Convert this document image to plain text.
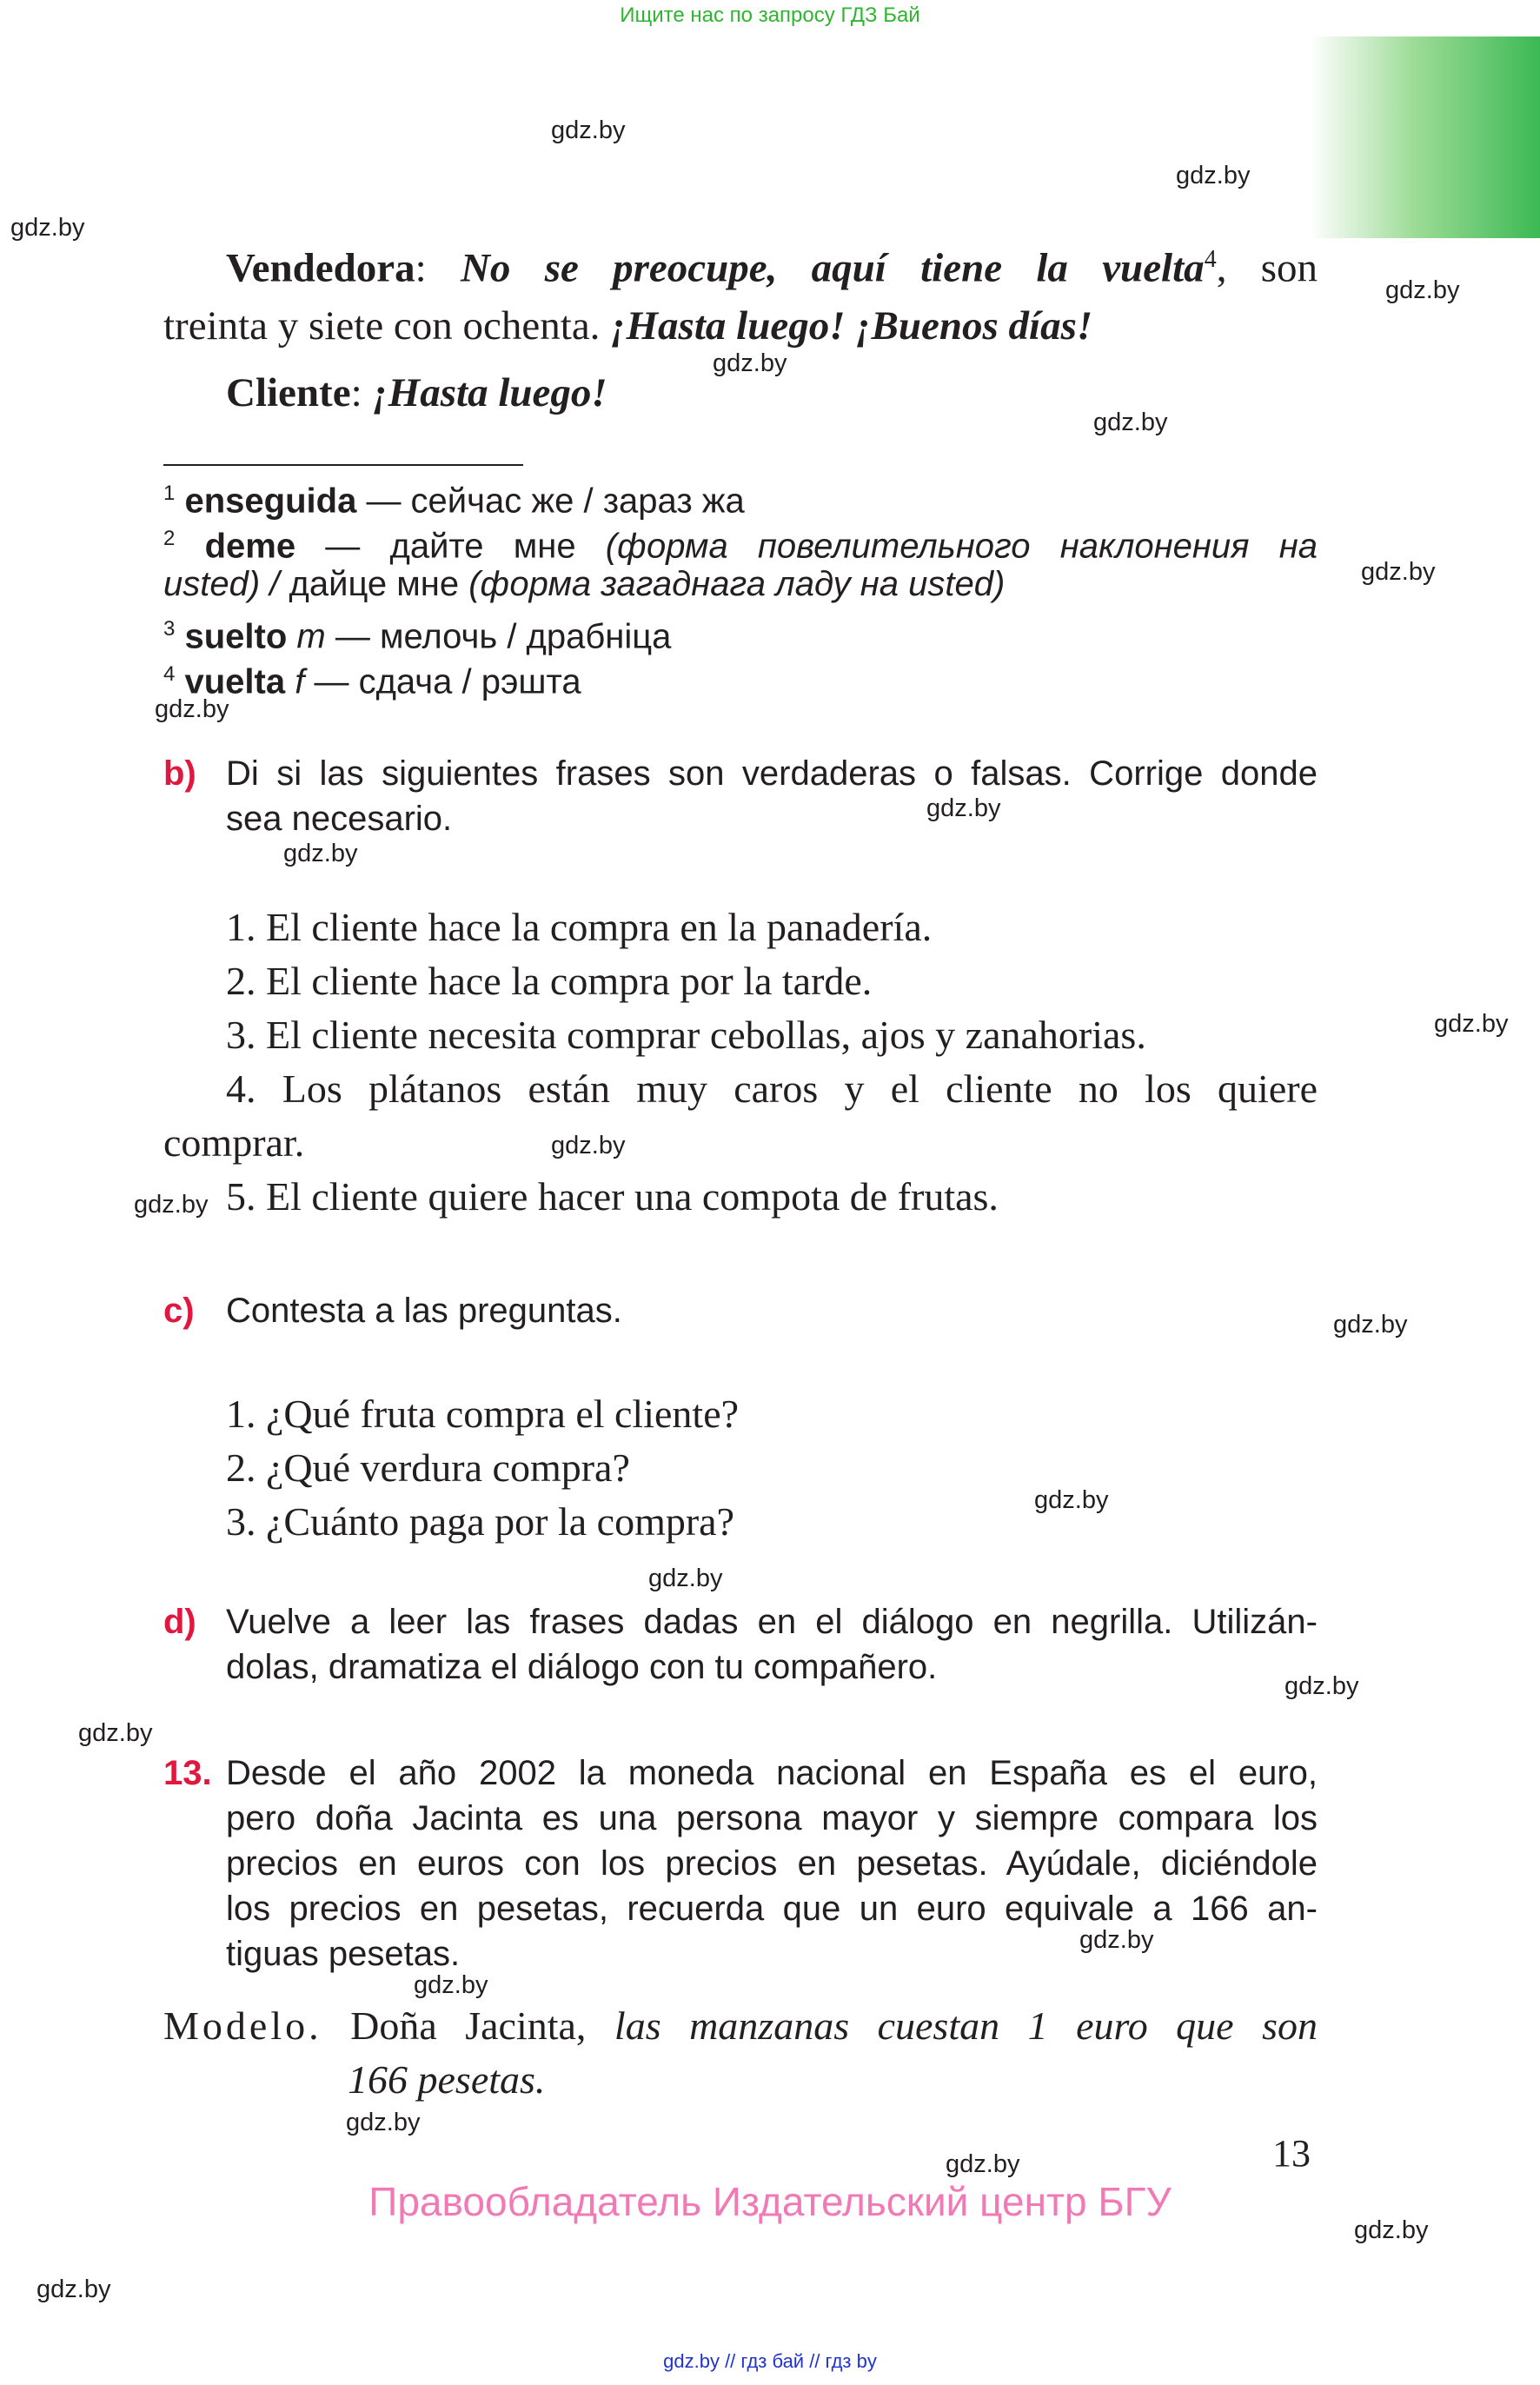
Ищите нас по запросу ГДЗ Бай
gdz.by
gdz.by
gdz.by
gdz.by
gdz.by
gdz.by
gdz.by
gdz.by
gdz.by
gdz.by
gdz.by
gdz.by
gdz.by
gdz.by
gdz.by
gdz.by
gdz.by
gdz.by
gdz.by
gdz.by
gdz.by
gdz.by
gdz.by
gdz.by
Vendedora: No se preocupe, aquí tiene la vuelta$^4$, son
treinta y siete con ochenta. ¡Hasta luego! ¡Buenos días!
Cliente: ¡Hasta luego!
$^1$ enseguida — сейчас же / зараз жа
$^2$ deme — дайте мне (форма повелительного наклонения на
usted) / дайце мне (форма загаднага ладу на usted)
$^3$ suelto m — мелочь / драбніца
$^4$ vuelta f — сдача / рэшта
b) Di si las siguientes frases son verdaderas o falsas. Corrige donde
sea necesario.
1. El cliente hace la compra en la panadería.
2. El cliente hace la compra por la tarde.
3. El cliente necesita comprar cebollas, ajos y zanahorias.
4. Los plátanos están muy caros y el cliente no los quiere
comprar.
5. El cliente quiere hacer una compota de frutas.
c) Contesta a las preguntas.
1. ¿Qué fruta compra el cliente?
2. ¿Qué verdura compra?
3. ¿Cuánto paga por la compra?
d) Vuelve a leer las frases dadas en el diálogo en negrilla. Utilizán-
dolas, dramatiza el diálogo con tu compañero.
13. Desde el año 2002 la moneda nacional en España es el euro,
pero doña Jacinta es una persona mayor y siempre compara los
precios en euros con los precios en pesetas. Ayúdale, diciéndole
los precios en pesetas, recuerda que un euro equivale a 166 an-
tiguas pesetas.
Modelo. Doña Jacinta, las manzanas cuestan 1 euro que son
166 pesetas.
13
Правообладатель Издательский центр БГУ
gdz.by // гдз бай // гдз by
